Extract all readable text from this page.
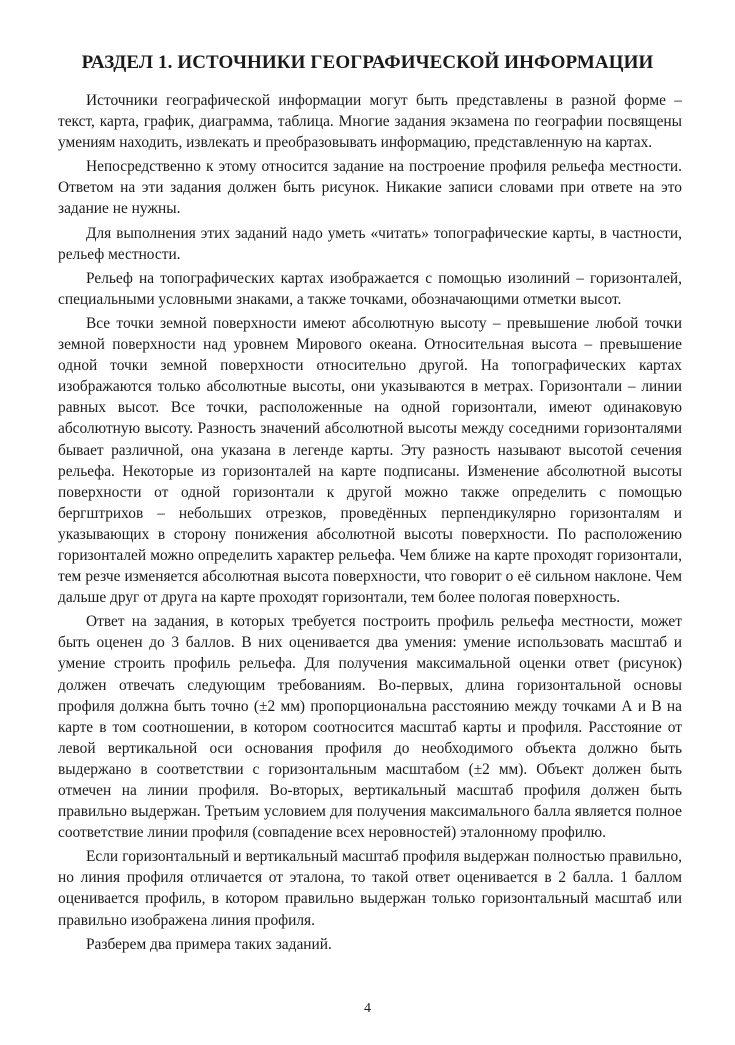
РАЗДЕЛ 1. ИСТОЧНИКИ ГЕОГРАФИЧЕСКОЙ ИНФОРМАЦИИ

Источники географической информации могут быть представлены в разной форме – текст, карта, график, диаграмма, таблица. Многие задания экзамена по географии посвящены умениям находить, извлекать и преобразовывать информацию, представленную на картах.

Непосредственно к этому относится задание на построение профиля рельефа местности. Ответом на эти задания должен быть рисунок. Никакие записи словами при ответе на это задание не нужны.

Для выполнения этих заданий надо уметь «читать» топографические карты, в частности, рельеф местности.

Рельеф на топографических картах изображается с помощью изолиний – горизонталей, специальными условными знаками, а также точками, обозначающими отметки высот.

Все точки земной поверхности имеют абсолютную высоту – превышение любой точки земной поверхности над уровнем Мирового океана. Относительная высота – превышение одной точки земной поверхности относительно другой. На топографических картах изображаются только абсолютные высоты, они указываются в метрах. Горизонтали – линии равных высот. Все точки, расположенные на одной горизонтали, имеют одинаковую абсолютную высоту. Разность значений абсолютной высоты между соседними горизонталями бывает различной, она указана в легенде карты. Эту разность называют высотой сечения рельефа. Некоторые из горизонталей на карте подписаны. Изменение абсолютной высоты поверхности от одной горизонтали к другой можно также определить с помощью бергштрихов – небольших отрезков, проведённых перпендикулярно горизонталям и указывающих в сторону понижения абсолютной высоты поверхности. По расположению горизонталей можно определить характер рельефа. Чем ближе на карте проходят горизонтали, тем резче изменяется абсолютная высота поверхности, что говорит о её сильном наклоне. Чем дальше друг от друга на карте проходят горизонтали, тем более пологая поверхность.

Ответ на задания, в которых требуется построить профиль рельефа местности, может быть оценен до 3 баллов. В них оценивается два умения: умение использовать масштаб и умение строить профиль рельефа. Для получения максимальной оценки ответ (рисунок) должен отвечать следующим требованиям. Во-первых, длина горизонтальной основы профиля должна быть точно (±2 мм) пропорциональна расстоянию между точками А и В на карте в том соотношении, в котором соотносится масштаб карты и профиля. Расстояние от левой вертикальной оси основания профиля до необходимого объекта должно быть выдержано в соответствии с горизонтальным масштабом (±2 мм). Объект должен быть отмечен на линии профиля. Во-вторых, вертикальный масштаб профиля должен быть правильно выдержан. Третьим условием для получения максимального балла является полное соответствие линии профиля (совпадение всех неровностей) эталонному профилю.

Если горизонтальный и вертикальный масштаб профиля выдержан полностью правильно, но линия профиля отличается от эталона, то такой ответ оценивается в 2 балла. 1 баллом оценивается профиль, в котором правильно выдержан только горизонтальный масштаб или правильно изображена линия профиля.

Разберем два примера таких заданий.

4
